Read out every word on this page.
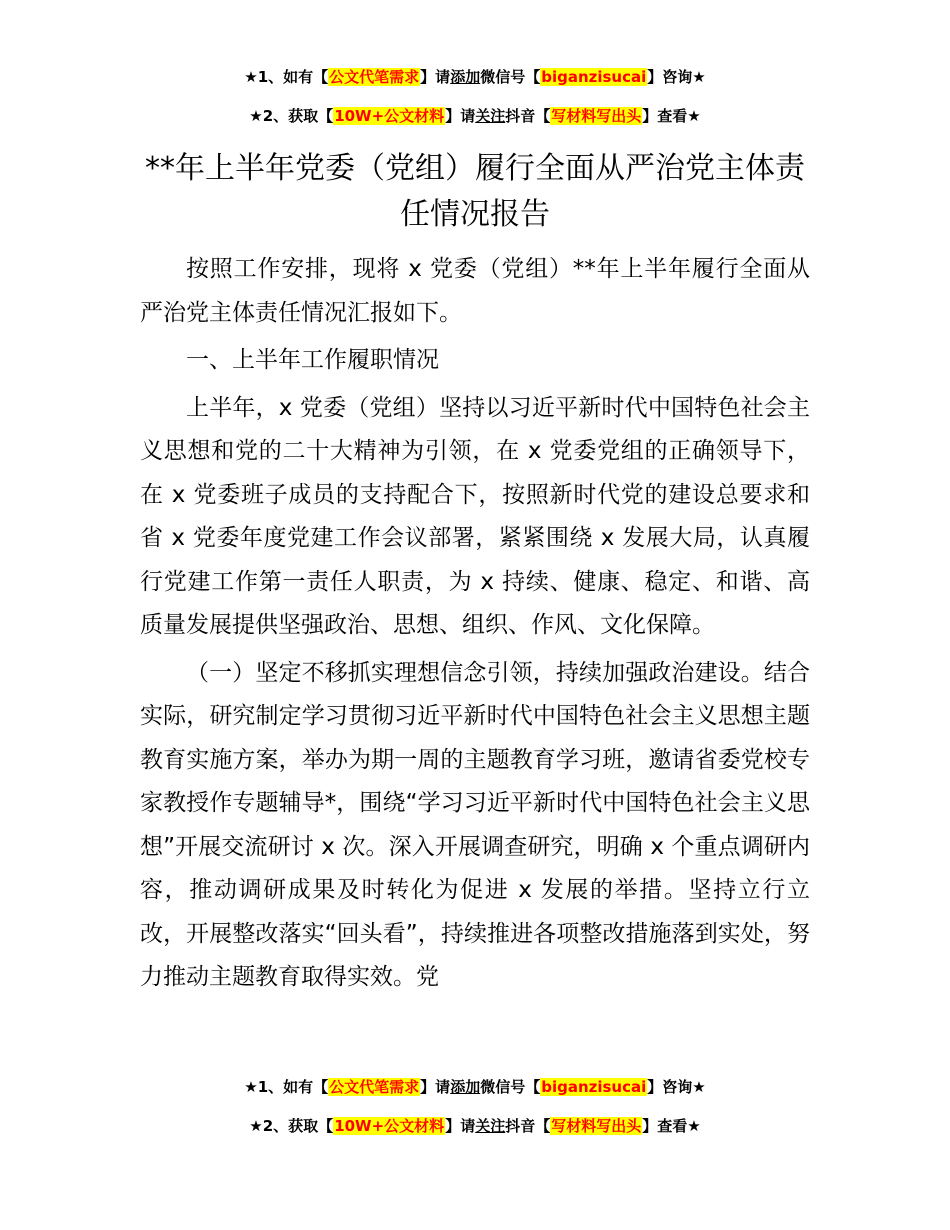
★1、如有【公文代笔需求】请添加微信号【biganzisucai】咨询★
★2、获取【10W+公文材料】请关注抖音【写材料写出头】查看★
**年上半年党委（党组）履行全面从严治党主体责任情况报告

按照工作安排，现将 x 党委（党组）**年上半年履行全面从严治党主体责任情况汇报如下。

一、上半年工作履职情况

上半年，x 党委（党组）坚持以习近平新时代中国特色社会主义思想和党的二十大精神为引领，在 x 党委党组的正确领导下，在 x 党委班子成员的支持配合下，按照新时代党的建设总要求和省 x 党委年度党建工作会议部署，紧紧围绕 x 发展大局，认真履行党建工作第一责任人职责，为 x 持续、健康、稳定、和谐、高质量发展提供坚强政治、思想、组织、作风、文化保障。

（一）坚定不移抓实理想信念引领，持续加强政治建设。结合实际，研究制定学习贯彻习近平新时代中国特色社会主义思想主题教育实施方案，举办为期一周的主题教育学习班，邀请省委党校专家教授作专题辅导*，围绕“学习习近平新时代中国特色社会主义思想”开展交流研讨 x 次。深入开展调查研究，明确 x 个重点调研内容，推动调研成果及时转化为促进 x 发展的举措。坚持立行立改，开展整改落实“回头看”，持续推进各项整改措施落到实处，努力推动主题教育取得实效。党

★1、如有【公文代笔需求】请添加微信号【biganzisucai】咨询★
★2、获取【10W+公文材料】请关注抖音【写材料写出头】查看★
